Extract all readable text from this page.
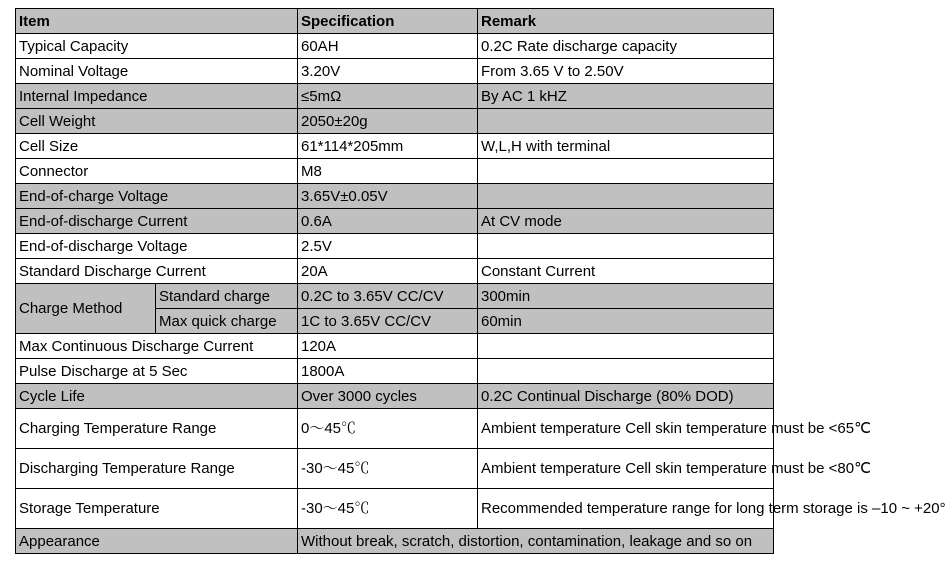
Item		Specification	Remark
Typical Capacity		60AH	0.2C Rate discharge capacity
Nominal Voltage		3.20V	From 3.65 V to 2.50V
Internal Impedance		≤5mΩ	By AC 1 kHZ
Cell Weight		2050±20g	
Cell Size		61*114*205mm	W,L,H with terminal
Connector		M8	
End-of-charge Voltage		3.65V±0.05V	
End-of-discharge Current		0.6A	At CV mode
End-of-discharge Voltage		2.5V	
Standard Discharge Current		20A	Constant Current
Charge Method	Standard charge	0.2C to 3.65V CC/CV	300min
	Max quick charge	1C to 3.65V CC/CV	60min
Max Continuous Discharge Current		120A	
Pulse Discharge at 5 Sec		1800A	
Cycle Life		Over 3000 cycles	0.2C Continual Discharge (80% DOD)
Charging Temperature Range		0～45℃	Ambient temperature Cell skin temperature must be <65℃
Discharging Temperature Range		-30～45℃	Ambient temperature Cell skin temperature must be <80℃
Storage Temperature		-30～45℃	Recommended temperature range for long term storage is –10 ~ +20°
Appearance		Without break, scratch, distortion, contamination, leakage and so on	
